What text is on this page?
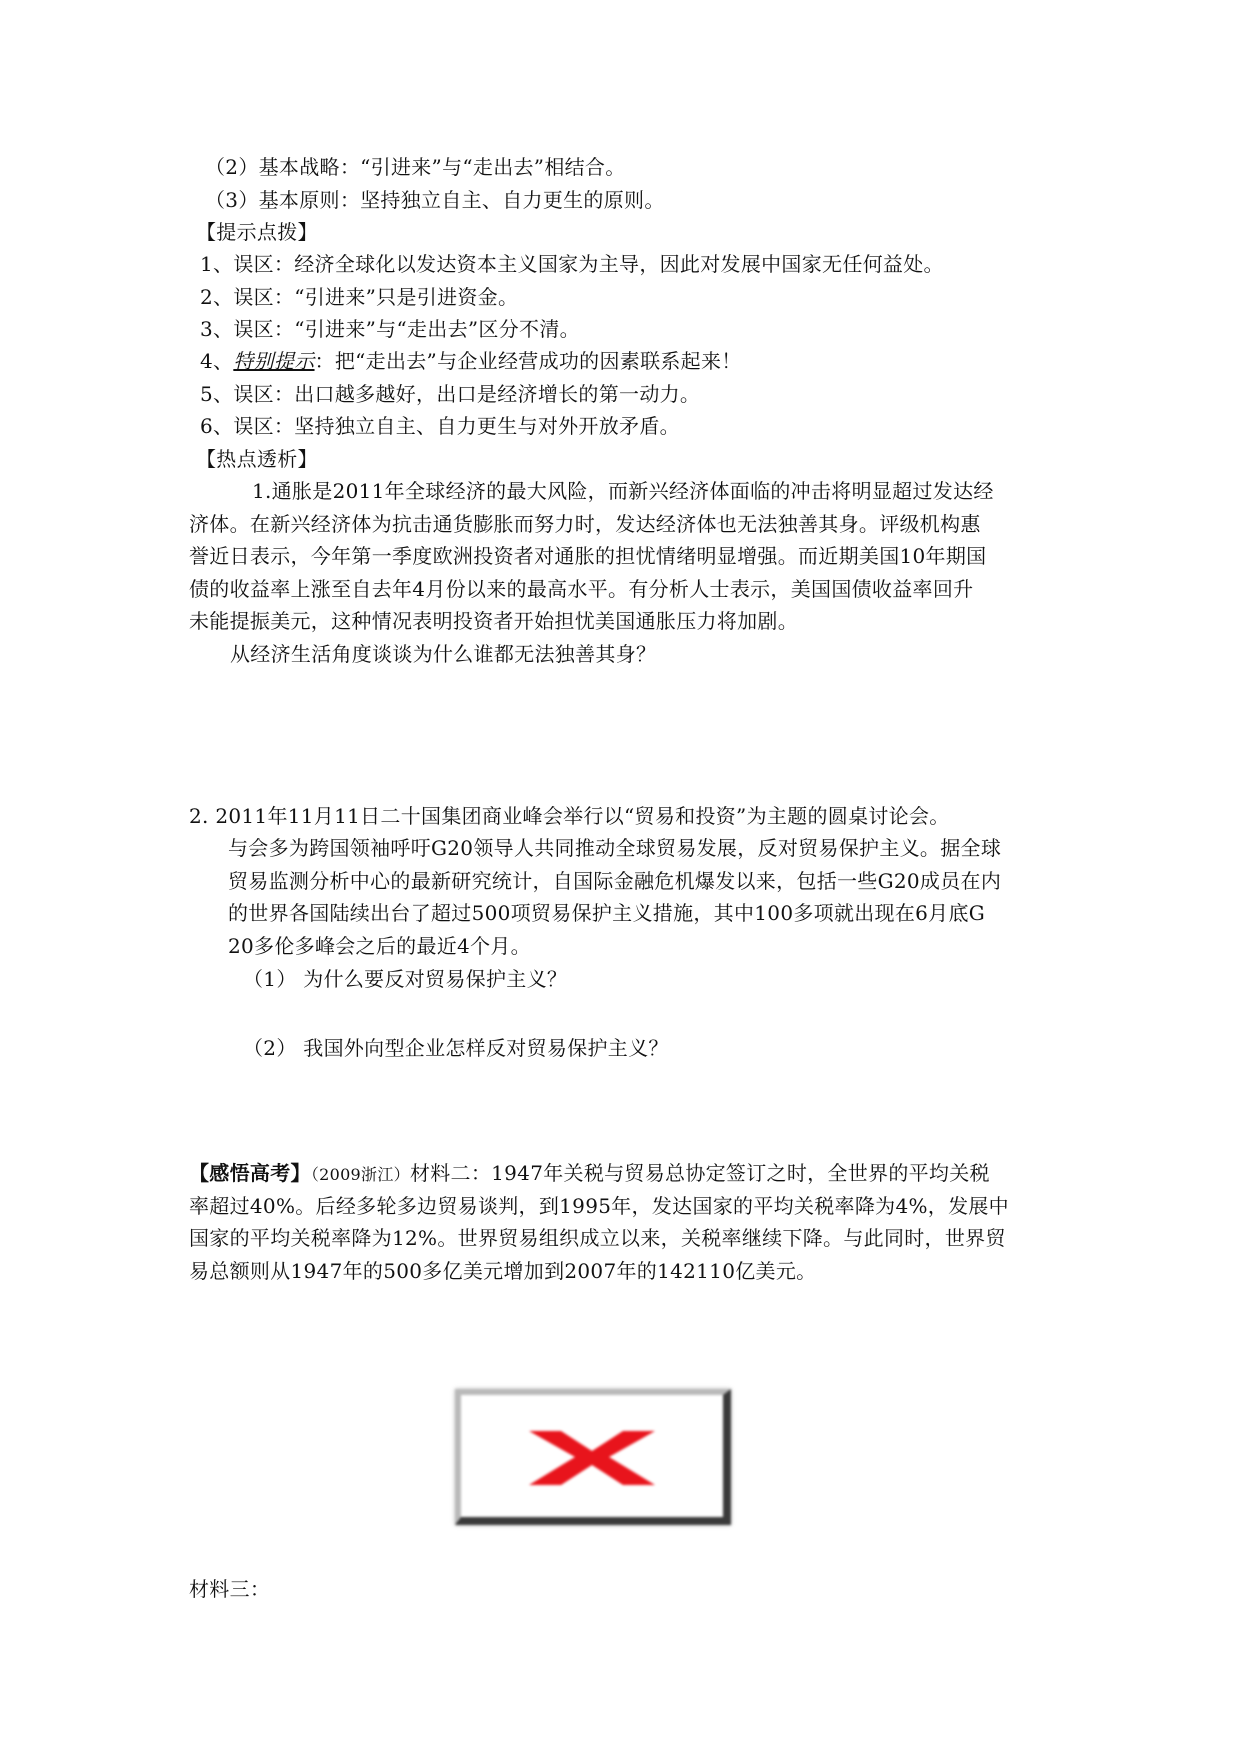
（2）基本战略：“引进来”与“走出去”相结合。
（3）基本原则：坚持独立自主、自力更生的原则。
【提示点拨】
1、误区：经济全球化以发达资本主义国家为主导，因此对发展中国家无任何益处。
2、误区：“引进来”只是引进资金。
3、误区：“引进来”与“走出去”区分不清。
4、特别提示：把“走出去”与企业经营成功的因素联系起来！
5、误区：出口越多越好，出口是经济增长的第一动力。
6、误区：坚持独立自主、自力更生与对外开放矛盾。
【热点透析】
1.通胀是2011年全球经济的最大风险，而新兴经济体面临的冲击将明显超过发达经
济体。在新兴经济体为抗击通货膨胀而努力时，发达经济体也无法独善其身。评级机构惠
誉近日表示，今年第一季度欧洲投资者对通胀的担忧情绪明显增强。而近期美国10年期国
债的收益率上涨至自去年4月份以来的最高水平。有分析人士表示，美国国债收益率回升
未能提振美元，这种情况表明投资者开始担忧美国通胀压力将加剧。
从经济生活角度谈谈为什么谁都无法独善其身？
2. 2011年11月11日二十国集团商业峰会举行以“贸易和投资”为主题的圆桌讨论会。
与会多为跨国领袖呼吁G20领导人共同推动全球贸易发展，反对贸易保护主义。据全球
贸易监测分析中心的最新研究统计，自国际金融危机爆发以来，包括一些G20成员在内
的世界各国陆续出台了超过500项贸易保护主义措施，其中100多项就出现在6月底G
20多伦多峰会之后的最近4个月。
（1） 为什么要反对贸易保护主义？
（2） 我国外向型企业怎样反对贸易保护主义？
【感悟高考】（2009浙江）材料二：1947年关税与贸易总协定签订之时，全世界的平均关税
率超过40%。后经多轮多边贸易谈判，到1995年，发达国家的平均关税率降为4%，发展中
国家的平均关税率降为12%。世界贸易组织成立以来，关税率继续下降。与此同时，世界贸
易总额则从1947年的500多亿美元增加到2007年的142110亿美元。
材料三：
